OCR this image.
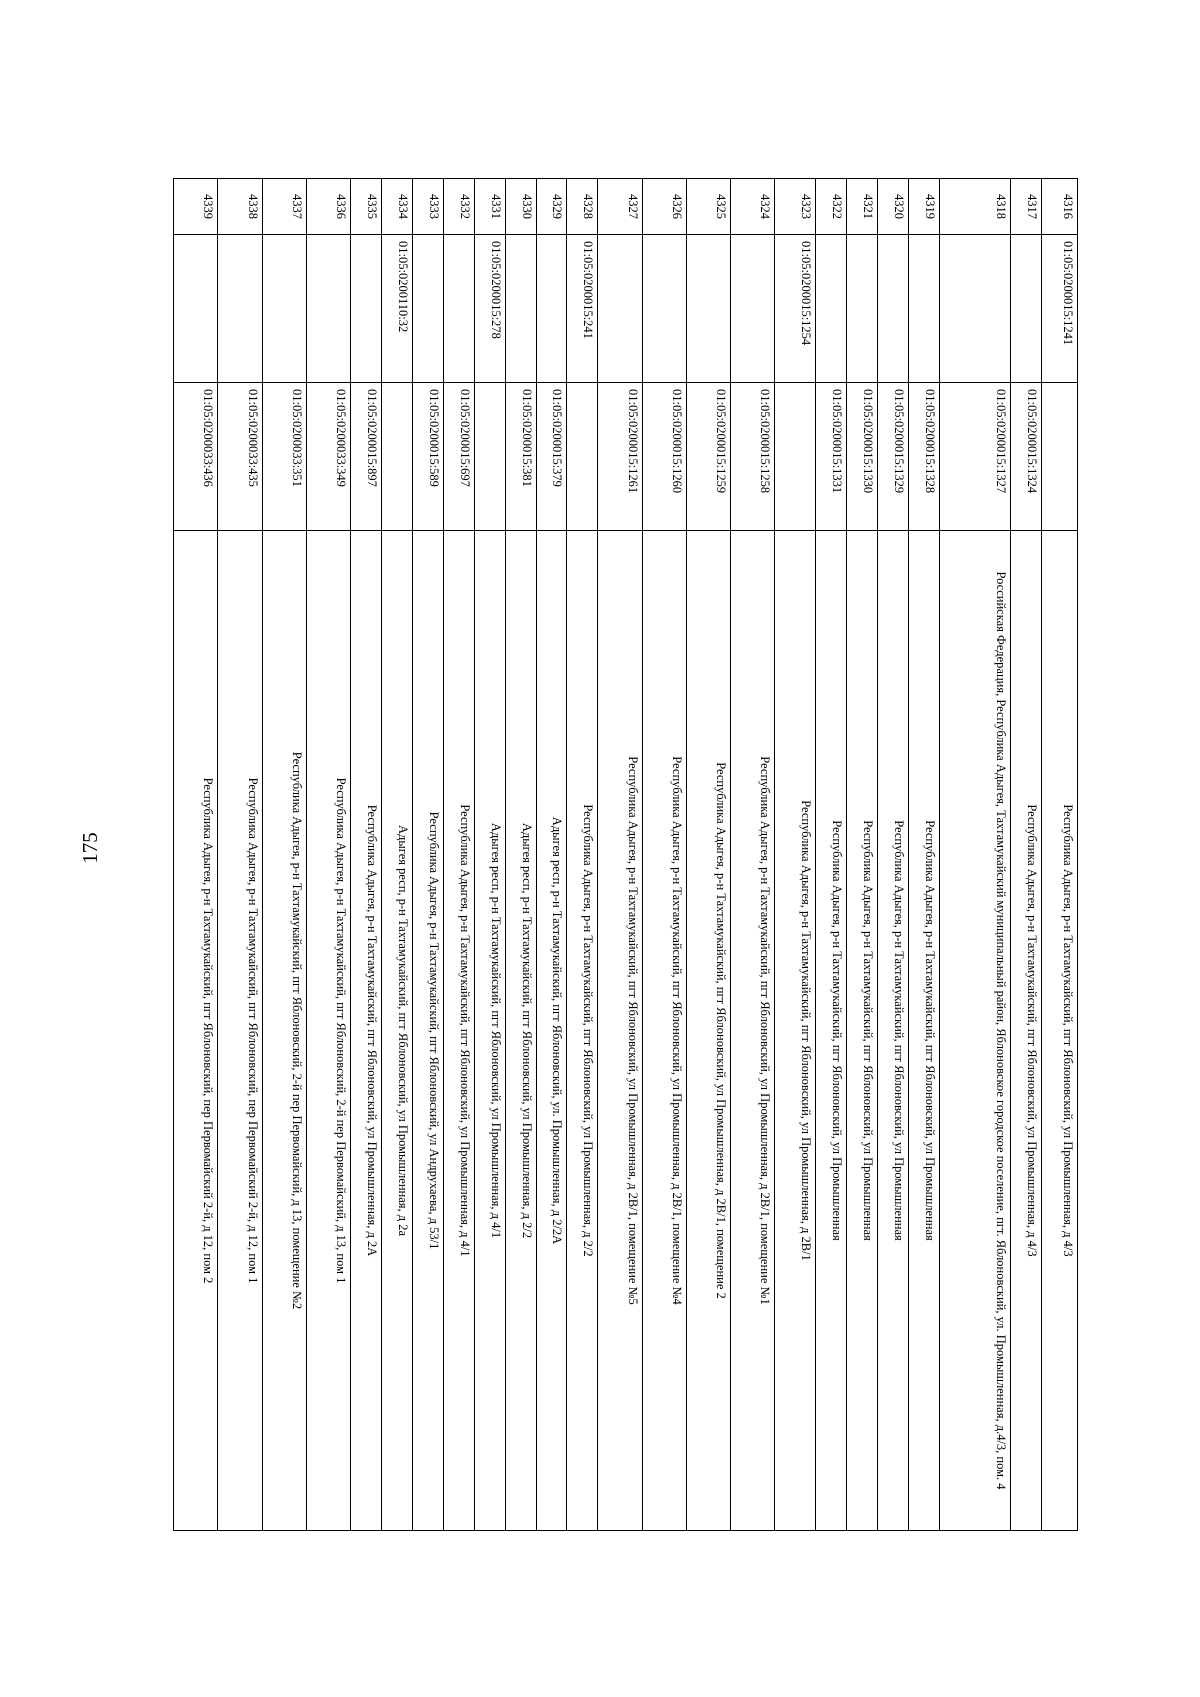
175
4316	01:05:0200015:1241		Республика Адыгея, р-н Тахтамукайский, пгт Яблоновский, ул Промышленная, д 4/3
4317		01:05:0200015:1324	Республика Адыгея, р-н Тахтамукайский, пгт Яблоновский, ул Промышленная, д 4/3
4318		01:05:0200015:1327	Российская Федерация, Республика Адыгея, Тахтамукайский муниципальный район, Яблоновское городское поселение, пгт. Яблоновский, ул. Промышленная, д.4/3, пом. 4
4319		01:05:0200015:1328	Республика Адыгея, р-н Тахтамукайский, пгт Яблоновский, ул Промышленная
4320		01:05:0200015:1329	Республика Адыгея, р-н Тахтамукайский, пгт Яблоновский, ул Промышленная
4321		01:05:0200015:1330	Республика Адыгея, р-н Тахтамукайский, пгт Яблоновский, ул Промышленная
4322		01:05:0200015:1331	Республика Адыгея, р-н Тахтамукайский, пгт Яблоновский, ул Промышленная
4323	01:05:0200015:1254		Республика Адыгея, р-н Тахтамукайский, пгт Яблоновский, ул Промышленная, д 2В/1
4324		01:05:0200015:1258	Республика Адыгея, р-н Тахтамукайский, пгт Яблоновский, ул Промышленная, д 2В/1, помещение №1
4325		01:05:0200015:1259	Республика Адыгея, р-н Тахтамукайский, пгт Яблоновский, ул Промышленная, д 2В/1, помещение 2
4326		01:05:0200015:1260	Республика Адыгея, р-н Тахтамукайский, пгт Яблоновский, ул Промышленная, д 2В/1, помещение №4
4327		01:05:0200015:1261	Республика Адыгея, р-н Тахтамукайский, пгт Яблоновский, ул Промышленная, д 2В/1, помещение №5
4328	01:05:0200015:241		Республика Адыгея, р-н Тахтамукайский, пгт Яблоновский, ул Промышленная, д 2/2
4329		01:05:0200015:379	Адыгея респ, р-н Тахтамукайский, пгт Яблоновский, ул. Промышленная, д 2/2А
4330		01:05:0200015:381	Адыгея респ, р-н Тахтамукайский, пгт Яблоновский, ул Промышленная, д 2/2
4331	01:05:0200015:278		Адыгея респ, р-н Тахтамукайский, пгт Яблоновский, ул Промышленная, д 4/1
4332		01:05:0200015:697	Республика Адыгея, р-н Тахтамукайский, пгт Яблоновский, ул Промышленная, д 4/1
4333		01:05:0200015:589	Республика Адыгея, р-н Тахтамукайский, пгт Яблоновский, ул Андрухаева, д 53/1
4334	01:05:0200110:32		Адыгея респ, р-н Тахтамукайский, пгт Яблоновский, ул Промышленная, д 2а
4335		01:05:0200015:897	Республика Адыгея, р-н Тахтамукайский, пгт Яблоновский, ул Промышленная, д 2А
4336		01:05:0200033:349	Республика Адыгея, р-н Тахтамукайский, пгт Яблоновский, 2-й пер Первомайский, д 13, пом 1
4337		01:05:0200033:351	Республика Адыгея, р-н Тахтамукайский, пгт Яблоновский, 2-й пер Первомайский, д 13, помещение №2
4338		01:05:0200033:435	Республика Адыгея, р-н Тахтамукайский, пгт Яблоновский, пер Первомайский 2-й, д 12, пом 1
4339		01:05:0200033:436	Республика Адыгея, р-н Тахтамукайский, пгт Яблоновский, пер Первомайский 2-й, д 12, пом 2
